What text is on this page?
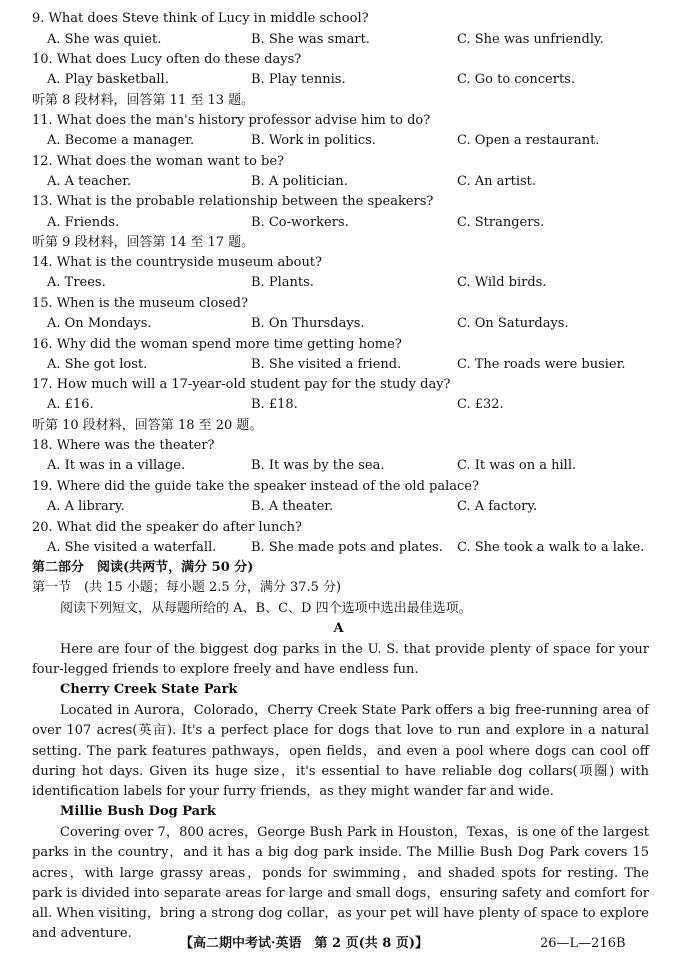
9. What does Steve think of Lucy in middle school?
A. She was quiet.	B. She was smart.	C. She was unfriendly.
10. What does Lucy often do these days?
A. Play basketball.	B. Play tennis.	C. Go to concerts.
听第 8 段材料，回答第 11 至 13 题。
11. What does the man's history professor advise him to do?
A. Become a manager.	B. Work in politics.	C. Open a restaurant.
12. What does the woman want to be?
A. A teacher.	B. A politician.	C. An artist.
13. What is the probable relationship between the speakers?
A. Friends.	B. Co-workers.	C. Strangers.
听第 9 段材料，回答第 14 至 17 题。
14. What is the countryside museum about?
A. Trees.	B. Plants.	C. Wild birds.
15. When is the museum closed?
A. On Mondays.	B. On Thursdays.	C. On Saturdays.
16. Why did the woman spend more time getting home?
A. She got lost.	B. She visited a friend.	C. The roads were busier.
17. How much will a 17-year-old student pay for the study day?
A. £16.	B. £18.	C. £32.
听第 10 段材料，回答第 18 至 20 题。
18. Where was the theater?
A. It was in a village.	B. It was by the sea.	C. It was on a hill.
19. Where did the guide take the speaker instead of the old palace?
A. A library.	B. A theater.	C. A factory.
20. What did the speaker do after lunch?
A. She visited a waterfall.	B. She made pots and plates. C. She took a walk to a lake.
第二部分　阅读(共两节，满分 50 分)
第一节　(共 15 小题；每小题 2.5 分，满分 37.5 分)
阅读下列短文，从每题所给的 A、B、C、D 四个选项中选出最佳选项。
A
Here are four of the biggest dog parks in the U. S. that provide plenty of space for your four-legged friends to explore freely and have endless fun.
Cherry Creek State Park
Located in Aurora，Colorado，Cherry Creek State Park offers a big free-running area of over 107 acres(英亩). It's a perfect place for dogs that love to run and explore in a natural setting. The park features pathways，open fields，and even a pool where dogs can cool off during hot days. Given its huge size，it's essential to have reliable dog collars(项圈) with identification labels for your furry friends，as they might wander far and wide.
Millie Bush Dog Park
Covering over 7，800 acres，George Bush Park in Houston，Texas，is one of the largest parks in the country，and it has a big dog park inside. The Millie Bush Dog Park covers 15 acres，with large grassy areas，ponds for swimming，and shaded spots for resting. The park is divided into separate areas for large and small dogs，ensuring safety and comfort for all. When visiting，bring a strong dog collar，as your pet will have plenty of space to explore and adventure.
【高二期中考试·英语　第 2 页(共 8 页)】	26—L—216B
